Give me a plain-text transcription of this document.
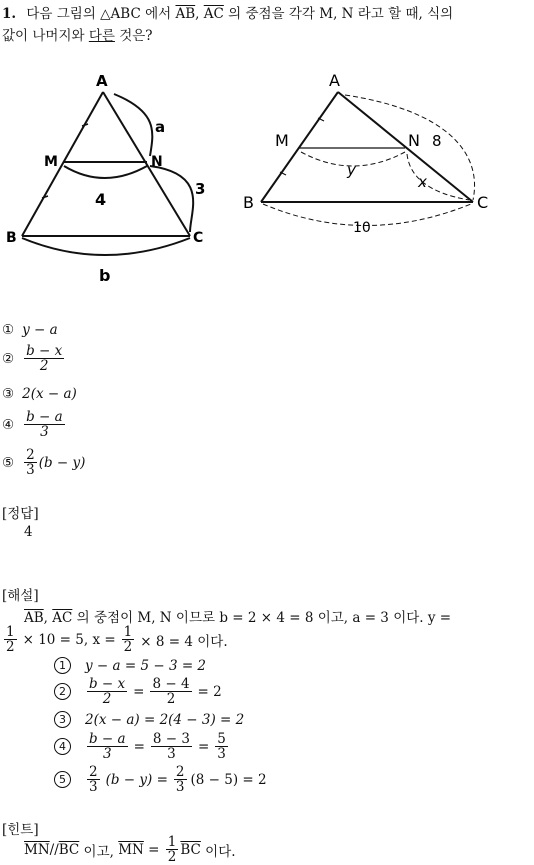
1. 다음 그림의 △ABC 에서 $\overline{AB}$, $\overline{AC}$ 의 중점을 각각 M, N 라고 할 때, 식의
값이 나머지와 다른 것은?
A
M	N
B	C
a
4
3
b
A
M	N 8
B	C
y
x
10
① y − a
② $\frac{b - x}{2}$
③ 2(x − a)
④ $\frac{b - a}{3}$
⑤ $\frac{2}{3} (b - y)$
[정답]
4
[해설]
$\overline{AB}$, $\overline{AC}$ 의 중점이 M, N 이므로 b = 2 × 4 = 8 이고, a = 3 이다. y =
$\frac{1}{2} \times 10 = 5$, $x = \frac{1}{2} \times 8 = 4$ 이다.
1	y − a = 5 − 3 = 2
2	$\frac{b - x}{2} = \frac{8 - 4}{2} = 2$
3	2(x − a) = 2(4 − 3) = 2
4	$\frac{b - a}{3} = \frac{8 - 3}{3} = \frac{5}{3}$
5	$\frac{2}{3} (b - y) = \frac{2}{3} (8 - 5) = 2$
[힌트]
$\overline{MN} // \overline{BC}$ 이고, $\overline{MN} = \frac{1}{2} \overline{BC}$ 이다.
